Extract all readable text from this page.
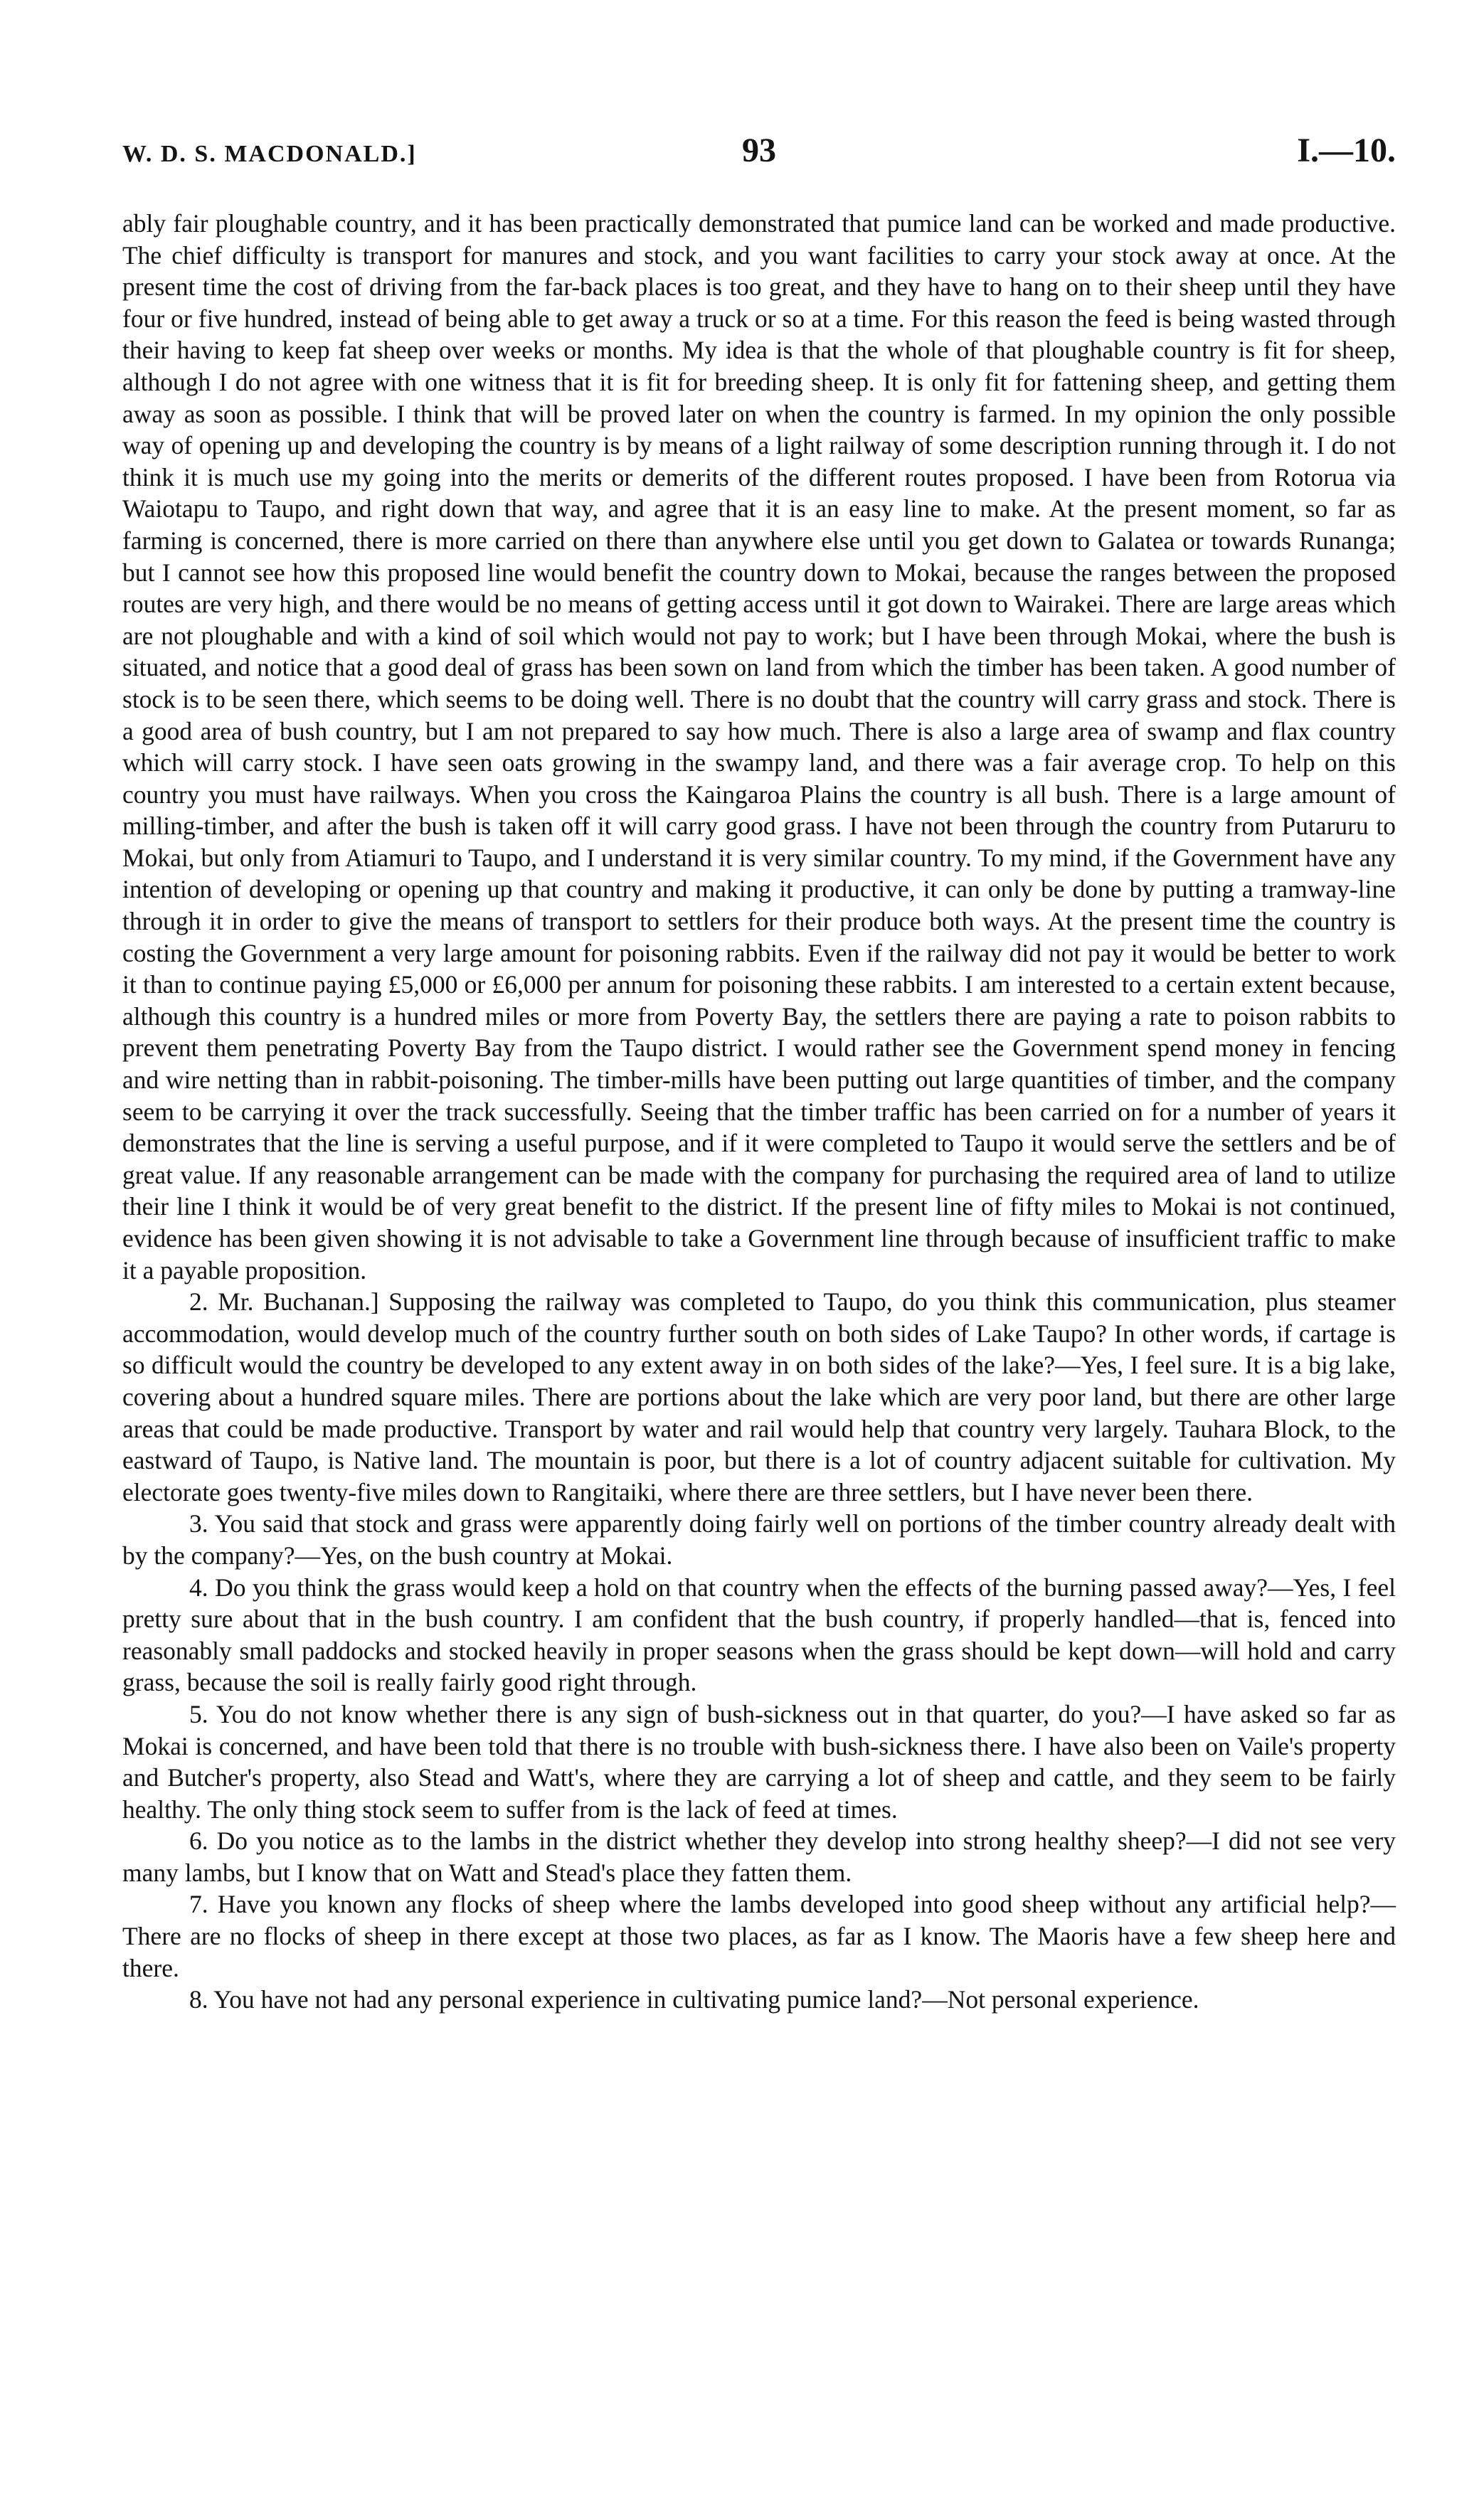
W. D. S. MACDONALD.]	93	I.—10.

ably fair ploughable country, and it has been practically demonstrated that pumice land can be worked and made productive. The chief difficulty is transport for manures and stock, and you want facilities to carry your stock away at once. At the present time the cost of driving from the far-back places is too great, and they have to hang on to their sheep until they have four or five hundred, instead of being able to get away a truck or so at a time. For this reason the feed is being wasted through their having to keep fat sheep over weeks or months. My idea is that the whole of that ploughable country is fit for sheep, although I do not agree with one witness that it is fit for breeding sheep. It is only fit for fattening sheep, and getting them away as soon as possible. I think that will be proved later on when the country is farmed. In my opinion the only possible way of opening up and developing the country is by means of a light railway of some description running through it. I do not think it is much use my going into the merits or demerits of the different routes proposed. I have been from Rotorua via Waiotapu to Taupo, and right down that way, and agree that it is an easy line to make. At the present moment, so far as farming is concerned, there is more carried on there than anywhere else until you get down to Galatea or towards Runanga; but I cannot see how this proposed line would benefit the country down to Mokai, because the ranges between the proposed routes are very high, and there would be no means of getting access until it got down to Wairakei. There are large areas which are not ploughable and with a kind of soil which would not pay to work; but I have been through Mokai, where the bush is situated, and notice that a good deal of grass has been sown on land from which the timber has been taken. A good number of stock is to be seen there, which seems to be doing well. There is no doubt that the country will carry grass and stock. There is a good area of bush country, but I am not prepared to say how much. There is also a large area of swamp and flax country which will carry stock. I have seen oats growing in the swampy land, and there was a fair average crop. To help on this country you must have railways. When you cross the Kaingaroa Plains the country is all bush. There is a large amount of milling-timber, and after the bush is taken off it will carry good grass. I have not been through the country from Putaruru to Mokai, but only from Atiamuri to Taupo, and I understand it is very similar country. To my mind, if the Government have any intention of developing or opening up that country and making it productive, it can only be done by putting a tramway-line through it in order to give the means of transport to settlers for their produce both ways. At the present time the country is costing the Government a very large amount for poisoning rabbits. Even if the railway did not pay it would be better to work it than to continue paying £5,000 or £6,000 per annum for poisoning these rabbits. I am interested to a certain extent because, although this country is a hundred miles or more from Poverty Bay, the settlers there are paying a rate to poison rabbits to prevent them penetrating Poverty Bay from the Taupo district. I would rather see the Government spend money in fencing and wire netting than in rabbit-poisoning. The timber-mills have been putting out large quantities of timber, and the company seem to be carrying it over the track successfully. Seeing that the timber traffic has been carried on for a number of years it demonstrates that the line is serving a useful purpose, and if it were completed to Taupo it would serve the settlers and be of great value. If any reasonable arrangement can be made with the company for purchasing the required area of land to utilize their line I think it would be of very great benefit to the district. If the present line of fifty miles to Mokai is not continued, evidence has been given showing it is not advisable to take a Government line through because of insufficient traffic to make it a payable proposition.

2. Mr. Buchanan.] Supposing the railway was completed to Taupo, do you think this communication, plus steamer accommodation, would develop much of the country further south on both sides of Lake Taupo? In other words, if cartage is so difficult would the country be developed to any extent away in on both sides of the lake?—Yes, I feel sure. It is a big lake, covering about a hundred square miles. There are portions about the lake which are very poor land, but there are other large areas that could be made productive. Transport by water and rail would help that country very largely. Tauhara Block, to the eastward of Taupo, is Native land. The mountain is poor, but there is a lot of country adjacent suitable for cultivation. My electorate goes twenty-five miles down to Rangitaiki, where there are three settlers, but I have never been there.

3. You said that stock and grass were apparently doing fairly well on portions of the timber country already dealt with by the company?—Yes, on the bush country at Mokai.

4. Do you think the grass would keep a hold on that country when the effects of the burning passed away?—Yes, I feel pretty sure about that in the bush country. I am confident that the bush country, if properly handled—that is, fenced into reasonably small paddocks and stocked heavily in proper seasons when the grass should be kept down—will hold and carry grass, because the soil is really fairly good right through.

5. You do not know whether there is any sign of bush-sickness out in that quarter, do you?—I have asked so far as Mokai is concerned, and have been told that there is no trouble with bush-sickness there. I have also been on Vaile's property and Butcher's property, also Stead and Watt's, where they are carrying a lot of sheep and cattle, and they seem to be fairly healthy. The only thing stock seem to suffer from is the lack of feed at times.

6. Do you notice as to the lambs in the district whether they develop into strong healthy sheep?—I did not see very many lambs, but I know that on Watt and Stead's place they fatten them.

7. Have you known any flocks of sheep where the lambs developed into good sheep without any artificial help?—There are no flocks of sheep in there except at those two places, as far as I know. The Maoris have a few sheep here and there.

8. You have not had any personal experience in cultivating pumice land?—Not personal experience.
